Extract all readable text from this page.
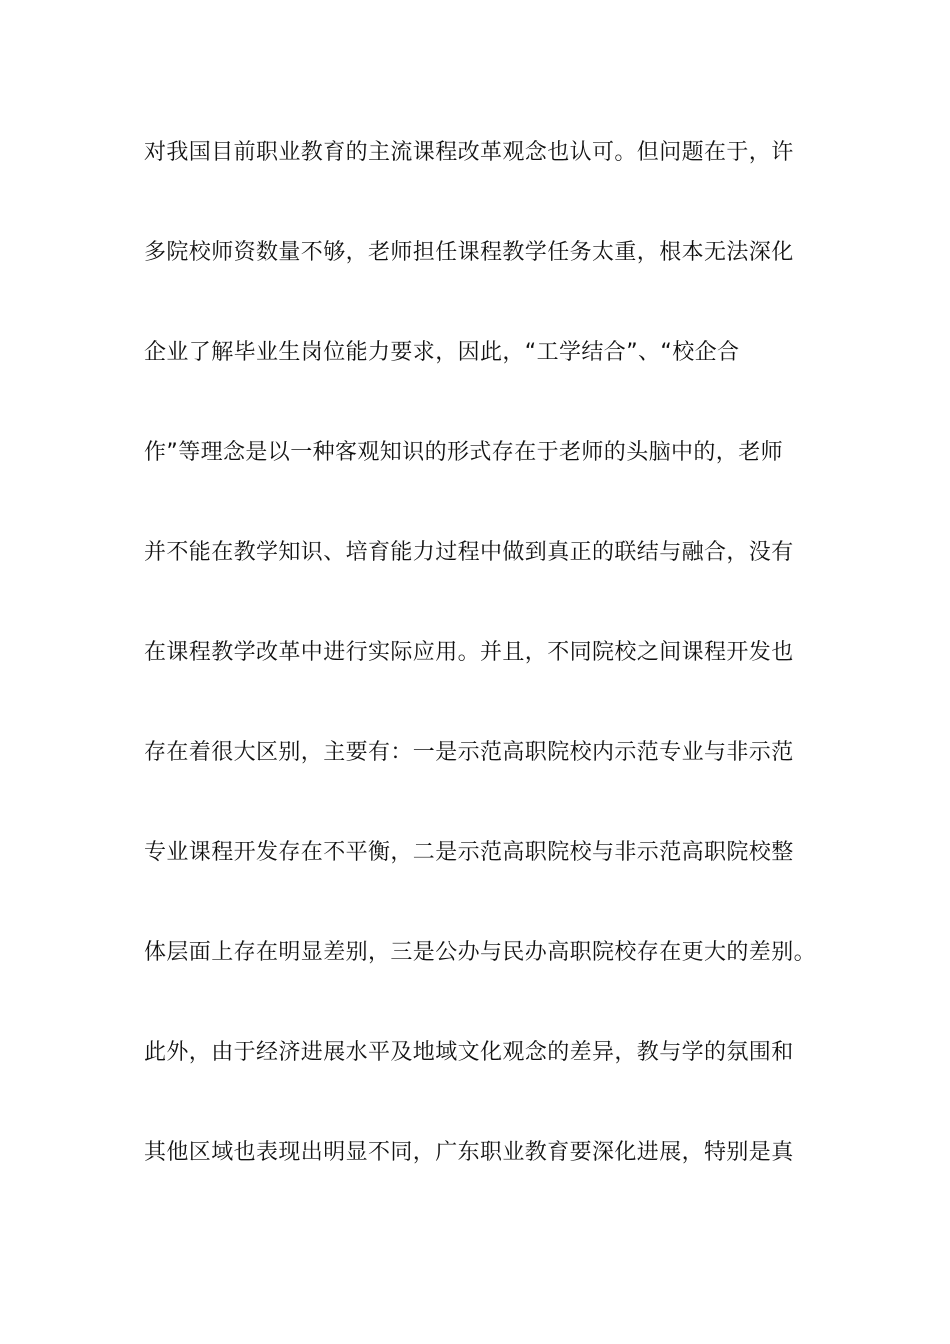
对我国目前职业教育的主流课程改革观念也认可。但问题在于，许
多院校师资数量不够，老师担任课程教学任务太重，根本无法深化
企业了解毕业生岗位能力要求，因此，“工学结合”、“校企合
作”等理念是以一种客观知识的形式存在于老师的头脑中的，老师
并不能在教学知识、培育能力过程中做到真正的联结与融合，没有
在课程教学改革中进行实际应用。并且，不同院校之间课程开发也
存在着很大区别，主要有：一是示范高职院校内示范专业与非示范
专业课程开发存在不平衡，二是示范高职院校与非示范高职院校整
体层面上存在明显差别，三是公办与民办高职院校存在更大的差别。
此外，由于经济进展水平及地域文化观念的差异，教与学的氛围和
其他区域也表现出明显不同，广东职业教育要深化进展，特别是真
